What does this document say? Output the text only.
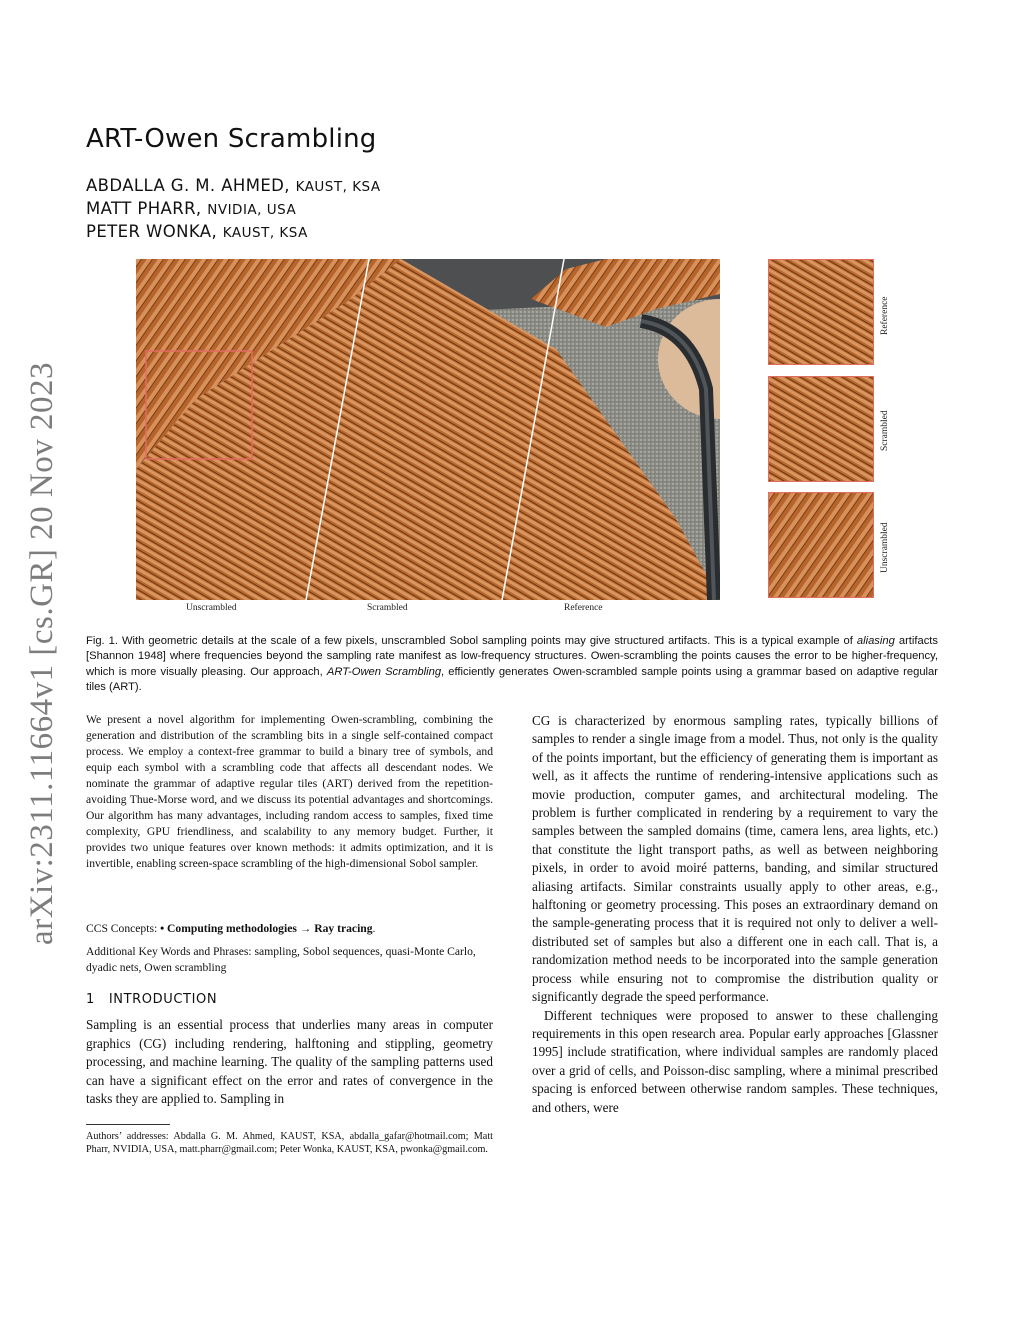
arXiv:2311.11664v1 [cs.GR] 20 Nov 2023
ART-Owen Scrambling
ABDALLA G. M. AHMED, KAUST, KSA
MATT PHARR, NVIDIA, USA
PETER WONKA, KAUST, KSA
Reference
Scrambled
Unscrambled
Unscrambled	Scrambled	Reference
Fig. 1. With geometric details at the scale of a few pixels, unscrambled Sobol sampling points may give structured artifacts. This is a typical example of aliasing artifacts [Shannon 1948] where frequencies beyond the sampling rate manifest as low-frequency structures. Owen-scrambling the points causes the error to be higher-frequency, which is more visually pleasing. Our approach, ART-Owen Scrambling, efficiently generates Owen-scrambled sample points using a grammar based on adaptive regular tiles (ART).
We present a novel algorithm for implementing Owen-scrambling, combining the generation and distribution of the scrambling bits in a single self-contained compact process. We employ a context-free grammar to build a binary tree of symbols, and equip each symbol with a scrambling code that affects all descendant nodes. We nominate the grammar of adaptive regular tiles (ART) derived from the repetition-avoiding Thue-Morse word, and we discuss its potential advantages and shortcomings. Our algorithm has many advantages, including random access to samples, fixed time complexity, GPU friendliness, and scalability to any memory budget. Further, it provides two unique features over known methods: it admits optimization, and it is invertible, enabling screen-space scrambling of the high-dimensional Sobol sampler.
CCS Concepts: • Computing methodologies → Ray tracing.
Additional Key Words and Phrases: sampling, Sobol sequences, quasi-Monte Carlo, dyadic nets, Owen scrambling
1 INTRODUCTION
Sampling is an essential process that underlies many areas in computer graphics (CG) including rendering, halftoning and stippling, geometry processing, and machine learning. The quality of the sampling patterns used can have a significant effect on the error and rates of convergence in the tasks they are applied to. Sampling in
Authors’ addresses: Abdalla G. M. Ahmed, KAUST, KSA, abdalla_gafar@hotmail.com; Matt Pharr, NVIDIA, USA, matt.pharr@gmail.com; Peter Wonka, KAUST, KSA, pwonka@gmail.com.

CG is characterized by enormous sampling rates, typically billions of samples to render a single image from a model. Thus, not only is the quality of the points important, but the efficiency of generating them is important as well, as it affects the runtime of rendering-intensive applications such as movie production, computer games, and architectural modeling. The problem is further complicated in rendering by a requirement to vary the samples between the sampled domains (time, camera lens, area lights, etc.) that constitute the light transport paths, as well as between neighboring pixels, in order to avoid moiré patterns, banding, and similar structured aliasing artifacts. Similar constraints usually apply to other areas, e.g., halftoning or geometry processing. This poses an extraordinary demand on the sample-generating process that it is required not only to deliver a well-distributed set of samples but also a different one in each call. That is, a randomization method needs to be incorporated into the sample generation process while ensuring not to compromise the distribution quality or significantly degrade the speed performance.

Different techniques were proposed to answer to these challenging requirements in this open research area. Popular early approaches [Glassner 1995] include stratification, where individual samples are randomly placed over a grid of cells, and Poisson-disc sampling, where a minimal prescribed spacing is enforced between otherwise random samples. These techniques, and others, were
